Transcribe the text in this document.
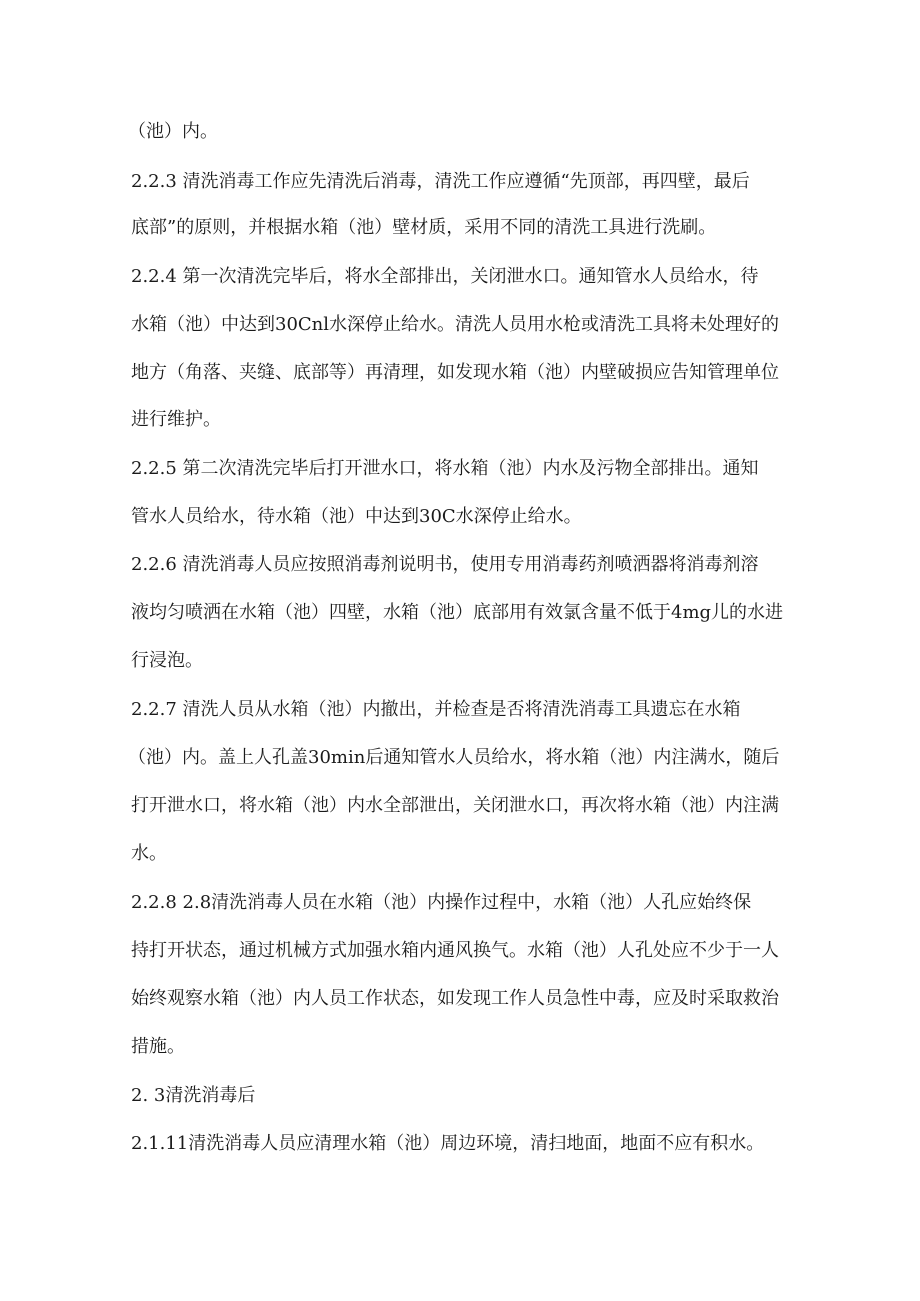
（池）内。
2.2.3 清洗消毒工作应先清洗后消毒，清洗工作应遵循“先顶部，再四壁，最后
底部”的原则，并根据水箱（池）壁材质，采用不同的清洗工具进行洗刷。
2.2.4 第一次清洗完毕后，将水全部排出，关闭泄水口。通知管水人员给水，待
水箱（池）中达到30Cnl水深停止给水。清洗人员用水枪或清洗工具将未处理好的
地方（角落、夹缝、底部等）再清理，如发现水箱（池）内壁破损应告知管理单位
进行维护。
2.2.5 第二次清洗完毕后打开泄水口，将水箱（池）内水及污物全部排出。通知
管水人员给水，待水箱（池）中达到30C水深停止给水。
2.2.6 清洗消毒人员应按照消毒剂说明书，使用专用消毒药剂喷洒器将消毒剂溶
液均匀喷洒在水箱（池）四壁，水箱（池）底部用有效氯含量不低于4mg儿的水进
行浸泡。
2.2.7 清洗人员从水箱（池）内撤出，并检查是否将清洗消毒工具遗忘在水箱
（池）内。盖上人孔盖30min后通知管水人员给水，将水箱（池）内注满水，随后
打开泄水口，将水箱（池）内水全部泄出，关闭泄水口，再次将水箱（池）内注满
水。
2.2.8 2.8清洗消毒人员在水箱（池）内操作过程中，水箱（池）人孔应始终保
持打开状态，通过机械方式加强水箱内通风换气。水箱（池）人孔处应不少于一人
始终观察水箱（池）内人员工作状态，如发现工作人员急性中毒，应及时采取救治
措施。
2. 3清洗消毒后
2.1.11清洗消毒人员应清理水箱（池）周边环境，清扫地面，地面不应有积水。
